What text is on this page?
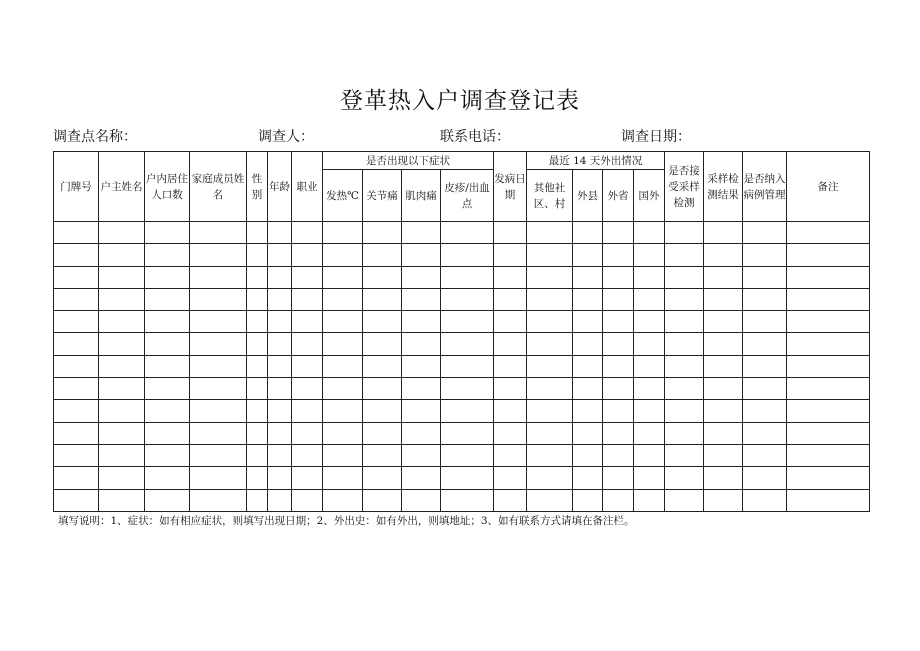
登革热入户调查登记表
调查点名称：	调查人：	联系电话：	调查日期：
门牌号	户主姓名	户内居住人口数	家庭成员姓名	性别	年龄	职业	是否出现以下症状				发病日期	最近 14 天外出情况				是否接受采样检测	采样检测结果	是否纳入病例管理	备注
							发热℃	关节痛	肌肉痛	皮疹/出血点		其他社区、村	外县	外省	国外				

填写说明：1、症状：如有相应症状，则填写出现日期；2、外出史：如有外出，则填地址；3、如有联系方式请填在备注栏。
